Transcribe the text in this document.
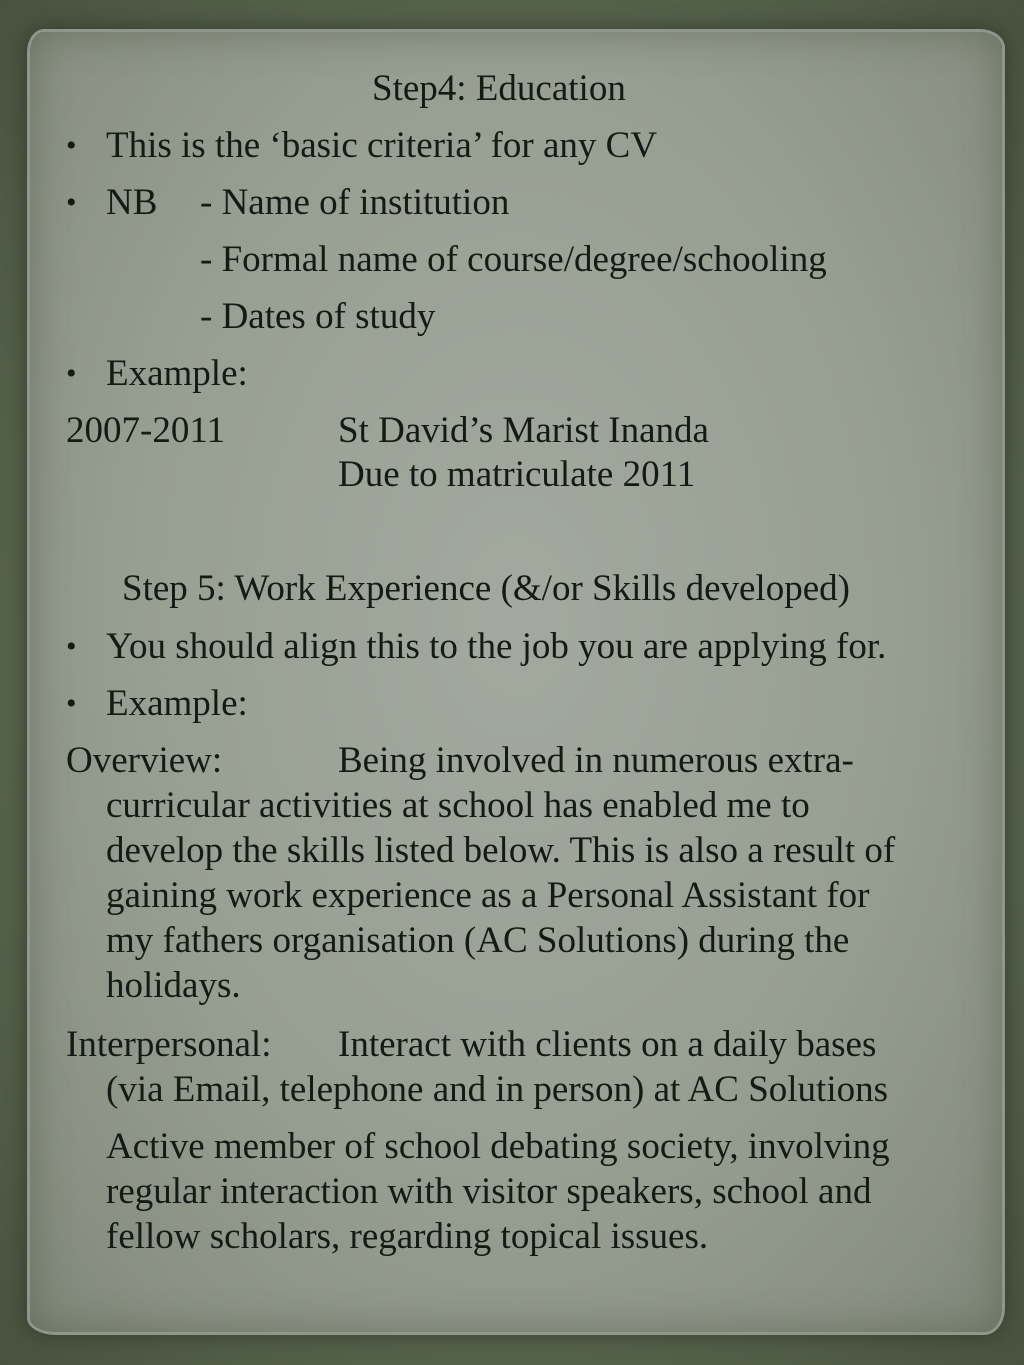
Step4: Education
• This is the ‘basic criteria’ for any CV
• NB - Name of institution
- Formal name of course/degree/schooling
- Dates of study
• Example:
2007-2011	St David’s Marist Inanda
Due to matriculate 2011
Step 5: Work Experience (&/or Skills developed)
• You should align this to the job you are applying for.
• Example:
Overview:	Being involved in numerous extra-
curricular activities at school has enabled me to
develop the skills listed below. This is also a result of
gaining work experience as a Personal Assistant for
my fathers organisation (AC Solutions) during the
holidays.
Interpersonal: Interact with clients on a daily bases
(via Email, telephone and in person) at AC Solutions
Active member of school debating society, involving
regular interaction with visitor speakers, school and
fellow scholars, regarding topical issues.
